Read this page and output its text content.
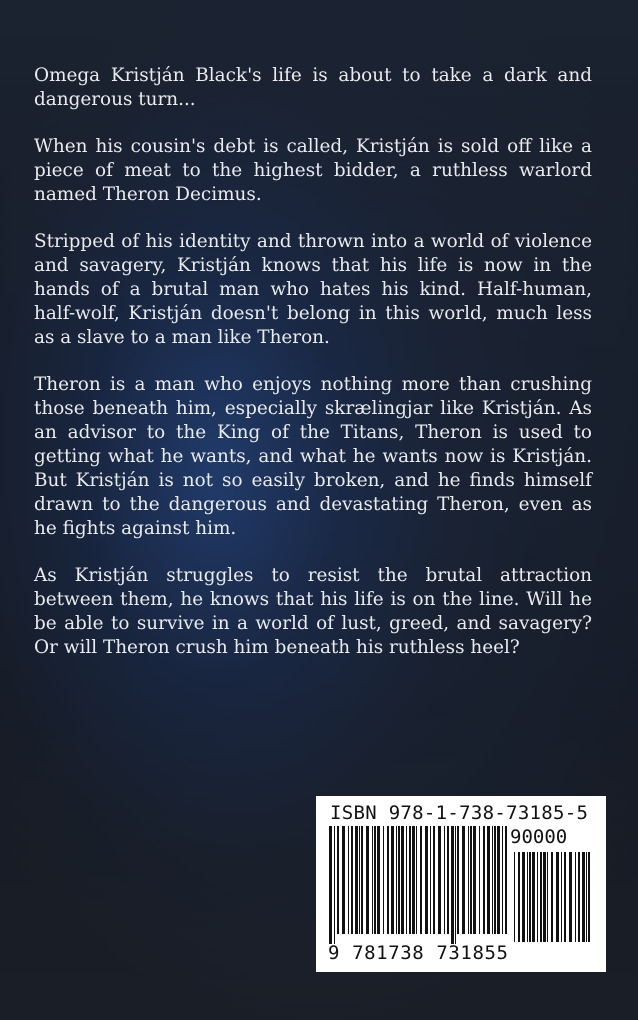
Omega Kristján Black's life is about to take a dark and dangerous turn...

When his cousin's debt is called, Kristján is sold off like a piece of meat to the highest bidder, a ruthless warlord named Theron Decimus.

Stripped of his identity and thrown into a world of violence and savagery, Kristján knows that his life is now in the hands of a brutal man who hates his kind. Half-human, half-wolf, Kristján doesn't belong in this world, much less as a slave to a man like Theron.

Theron is a man who enjoys nothing more than crushing those beneath him, especially skrælingjar like Kristján. As an advisor to the King of the Titans, Theron is used to getting what he wants, and what he wants now is Kristján. But Kristján is not so easily broken, and he finds himself drawn to the dangerous and devastating Theron, even as he fights against him.

As Kristján struggles to resist the brutal attraction between them, he knows that his life is on the line. Will he be able to survive in a world of lust, greed, and savagery? Or will Theron crush him beneath his ruthless heel?

ISBN 978-1-738-73185-5
90000
9 781738 731855
